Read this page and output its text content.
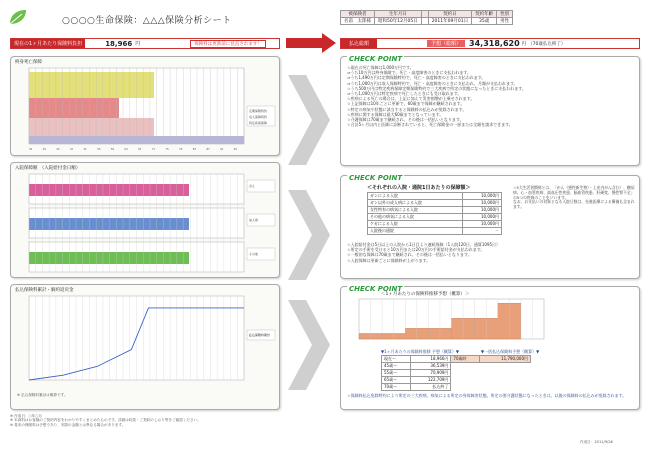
○○○○生命保険：△△△保険分析シート
被保険者	生年月日		契約日	契約年齢	性別
名前　太郎様	昭和50年12月05日		2011年09月01日	35歳	男性
現在の1ヶ月あたり保険料負担	18,966 円	保険料は更新前に見直されます！	払込総額	予想（総額）	34,318,620 円 （70歳払込終了）
終身死亡保障
定期保険特約
収入保障特約
特定疾病保障
35	39	43	47	51	55	59	63	67	71	75	79	83	87	91	95
入院保障額　（入院給付金日額）
がん
成人病
その他
払込保険料累計・解約返戻金
払込保険料累計
※ 払込保険料累計は概算です。
CHECK POINT
☆現在の死亡保障は1,000万円です。
⇒うち10万円は終身保険で、死亡・高度障害のときに支払われます。
⇒うち1,490万円は定期保険特約で、死亡・高度障害のときに支払われます。
⇒うち1,000万円は収入保障特約で、死亡・高度障害のときに支払われ、月額が支払われます。
☆うち500万円は特定疾病保障定期保険特約で三大疾病で所定の状態になったときに支払われます。
⇒うち1,000万円は特定疾病で死亡したときにも受け取れます。
☆疾病による死亡の場合は，上記に加えて災害割増が上乗せされます。
☆上記保障は10年ごとに更新で、60歳まで保障が継続されます。
☆特定の病気や状態に該当すると保険料の払込みが免除されます。
☆疾病に関する保障は最大60歳までとなっています。
☆介護保障は70歳まで継続され、その後は一括払いとなります。
☆合計5ヶ月以内と医師に診断されていると、死亡保険金の一部または全額を請求できます。
CHECK POINT
＜それぞれの入院・通院1日あたりの保障額＞
ガンによる入院	10,000円
ガン以外の成人病による入院	10,000円
女性特有の病気による入院	10,000円
その他の病気による入院	10,000円
ケガによる入院	10,000円
入院後の通院	－
☆5大生活習慣病とは、「がん（悪性新生物）・上皮内がん含む）、糖尿病、心・血管疾病、高血圧性疾患、脳血管疾患、肝硬変、慢性腎不全」の5つの疾病のことをいいます。
なお、お支払いの対象となる入院日数は、先進医療による療養も含まれます。
☆入院給付金は5日以上の入院から1日目より連続保障（1入院120日、通算1095日）
☆所定の手術を受けると10万円または20万円の手術給付金が支払われます。
☆一般的な保障は70歳まで継続され、その後は一括払いとなります。
☆入院保障は更新ごとに保険料が上がります。
CHECK POINT
＜1ヶ月あたりの保険料推移予想（概算）＞
▼1ヶ月あたりの保険料推移 予想（概算）▼	▼一括払込保険料予想（概算）▼
現在〜	18,966円	70歳時	11,790,000円
45歳〜	36,539円		
55歳〜	70,909円		
65歳〜	122,709円		
70歳〜	払込終了		
☆保険料払込免除特約により所定の三大疾病、病気による所定の身体障害状態、所定の要介護状態になったときは、以後の保険料の払込みが免除されます。
※ 作成日：○年○月
※ 本資料はお客様のご契約内容をわかりやすくまとめたものです。詳細は約款・ご契約のしおり等をご確認ください。
※ 将来の保険料は予想であり、実際の金額とは異なる場合があります。
作成日：2011/9/26
